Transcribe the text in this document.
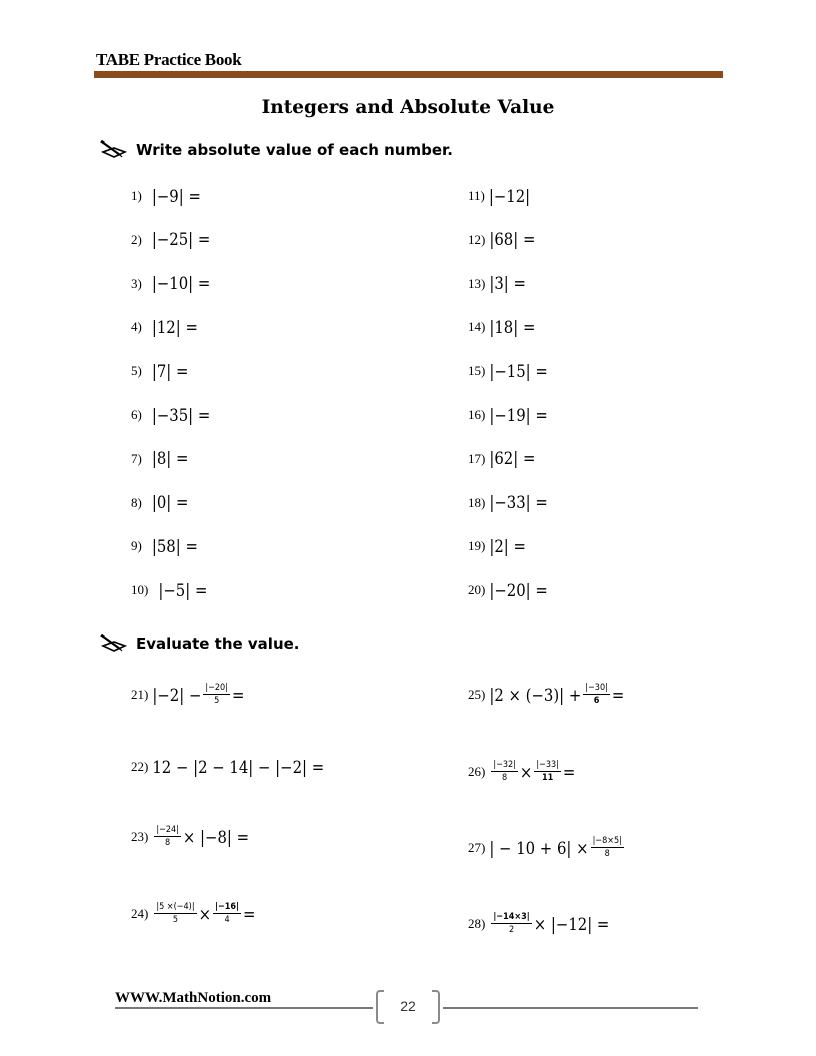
TABE Practice Book
Integers and Absolute Value
Write absolute value of each number.
1) |−9| =
2) |−25| =
3) |−10| =
4) |12| =
5) |7| =
6) |−35| =
7) |8| =
8) |0| =
9) |58| =
10) |−5| =
11) |−12|
12) |68| =
13) |3| =
14) |18| =
15) |−15| =
16) |−19| =
17) |62| =
18) |−33| =
19) |2| =
20) |−20| =
Evaluate the value.
21) $|-2| - \frac{|-20|}{5}$ =
22) 12 − |2 − 14| − |−2| =
$23) \frac{|-24|}{8} \times |-8|$ =
$24) \frac{|5 \times(-4)|}{5} \times \frac{|-16|}{4}$ =
25) $|2 \times (-3)| + \frac{|-30|}{6}$ =
$26) \frac{|-32|}{8} \times \frac{|-33|}{11}$ =
27) | − $10 + 6| \times \frac{|-8\times 5|}{8}$
$28) \frac{|-14\times 3|}{2} \times |-12|$ =
WWW.MathNotion.com	22
